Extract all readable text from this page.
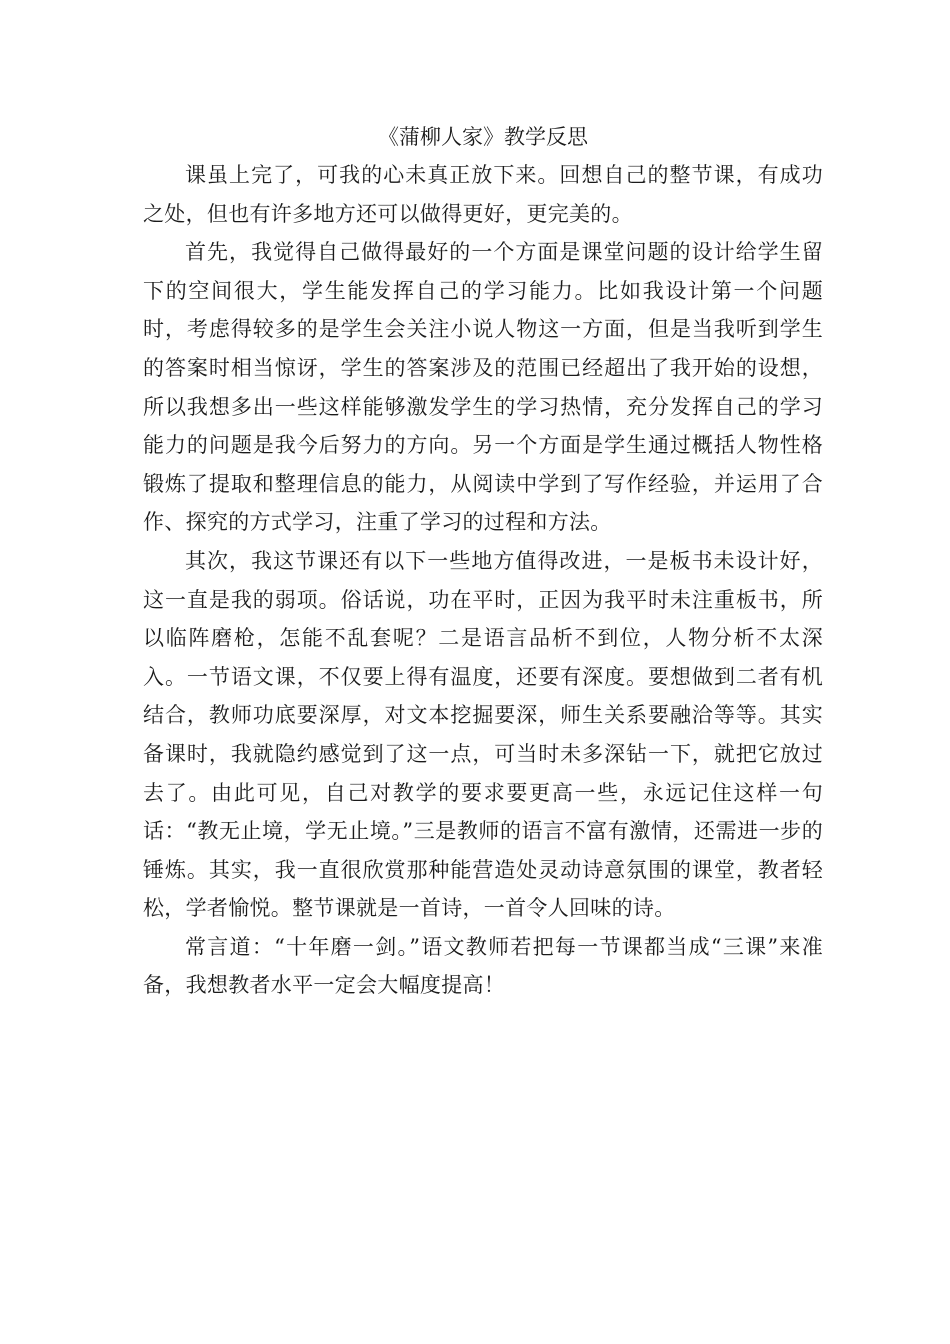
《蒲柳人家》教学反思

课虽上完了，可我的心未真正放下来。回想自己的整节课，有成功之处，但也有许多地方还可以做得更好，更完美的。

首先，我觉得自己做得最好的一个方面是课堂问题的设计给学生留下的空间很大，学生能发挥自己的学习能力。比如我设计第一个问题时，考虑得较多的是学生会关注小说人物这一方面，但是当我听到学生的答案时相当惊讶，学生的答案涉及的范围已经超出了我开始的设想，所以我想多出一些这样能够激发学生的学习热情，充分发挥自己的学习能力的问题是我今后努力的方向。另一个方面是学生通过概括人物性格锻炼了提取和整理信息的能力，从阅读中学到了写作经验，并运用了合作、探究的方式学习，注重了学习的过程和方法。

其次，我这节课还有以下一些地方值得改进，一是板书未设计好，这一直是我的弱项。俗话说，功在平时，正因为我平时未注重板书，所以临阵磨枪，怎能不乱套呢？二是语言品析不到位，人物分析不太深入。一节语文课，不仅要上得有温度，还要有深度。要想做到二者有机结合，教师功底要深厚，对文本挖掘要深，师生关系要融洽等等。其实备课时，我就隐约感觉到了这一点，可当时未多深钻一下，就把它放过去了。由此可见，自己对教学的要求要更高一些，永远记住这样一句话：“教无止境，学无止境。”三是教师的语言不富有激情，还需进一步的锤炼。其实，我一直很欣赏那种能营造处灵动诗意氛围的课堂，教者轻松，学者愉悦。整节课就是一首诗，一首令人回味的诗。

常言道：“十年磨一剑。”语文教师若把每一节课都当成“三课”来准备，我想教者水平一定会大幅度提高！
